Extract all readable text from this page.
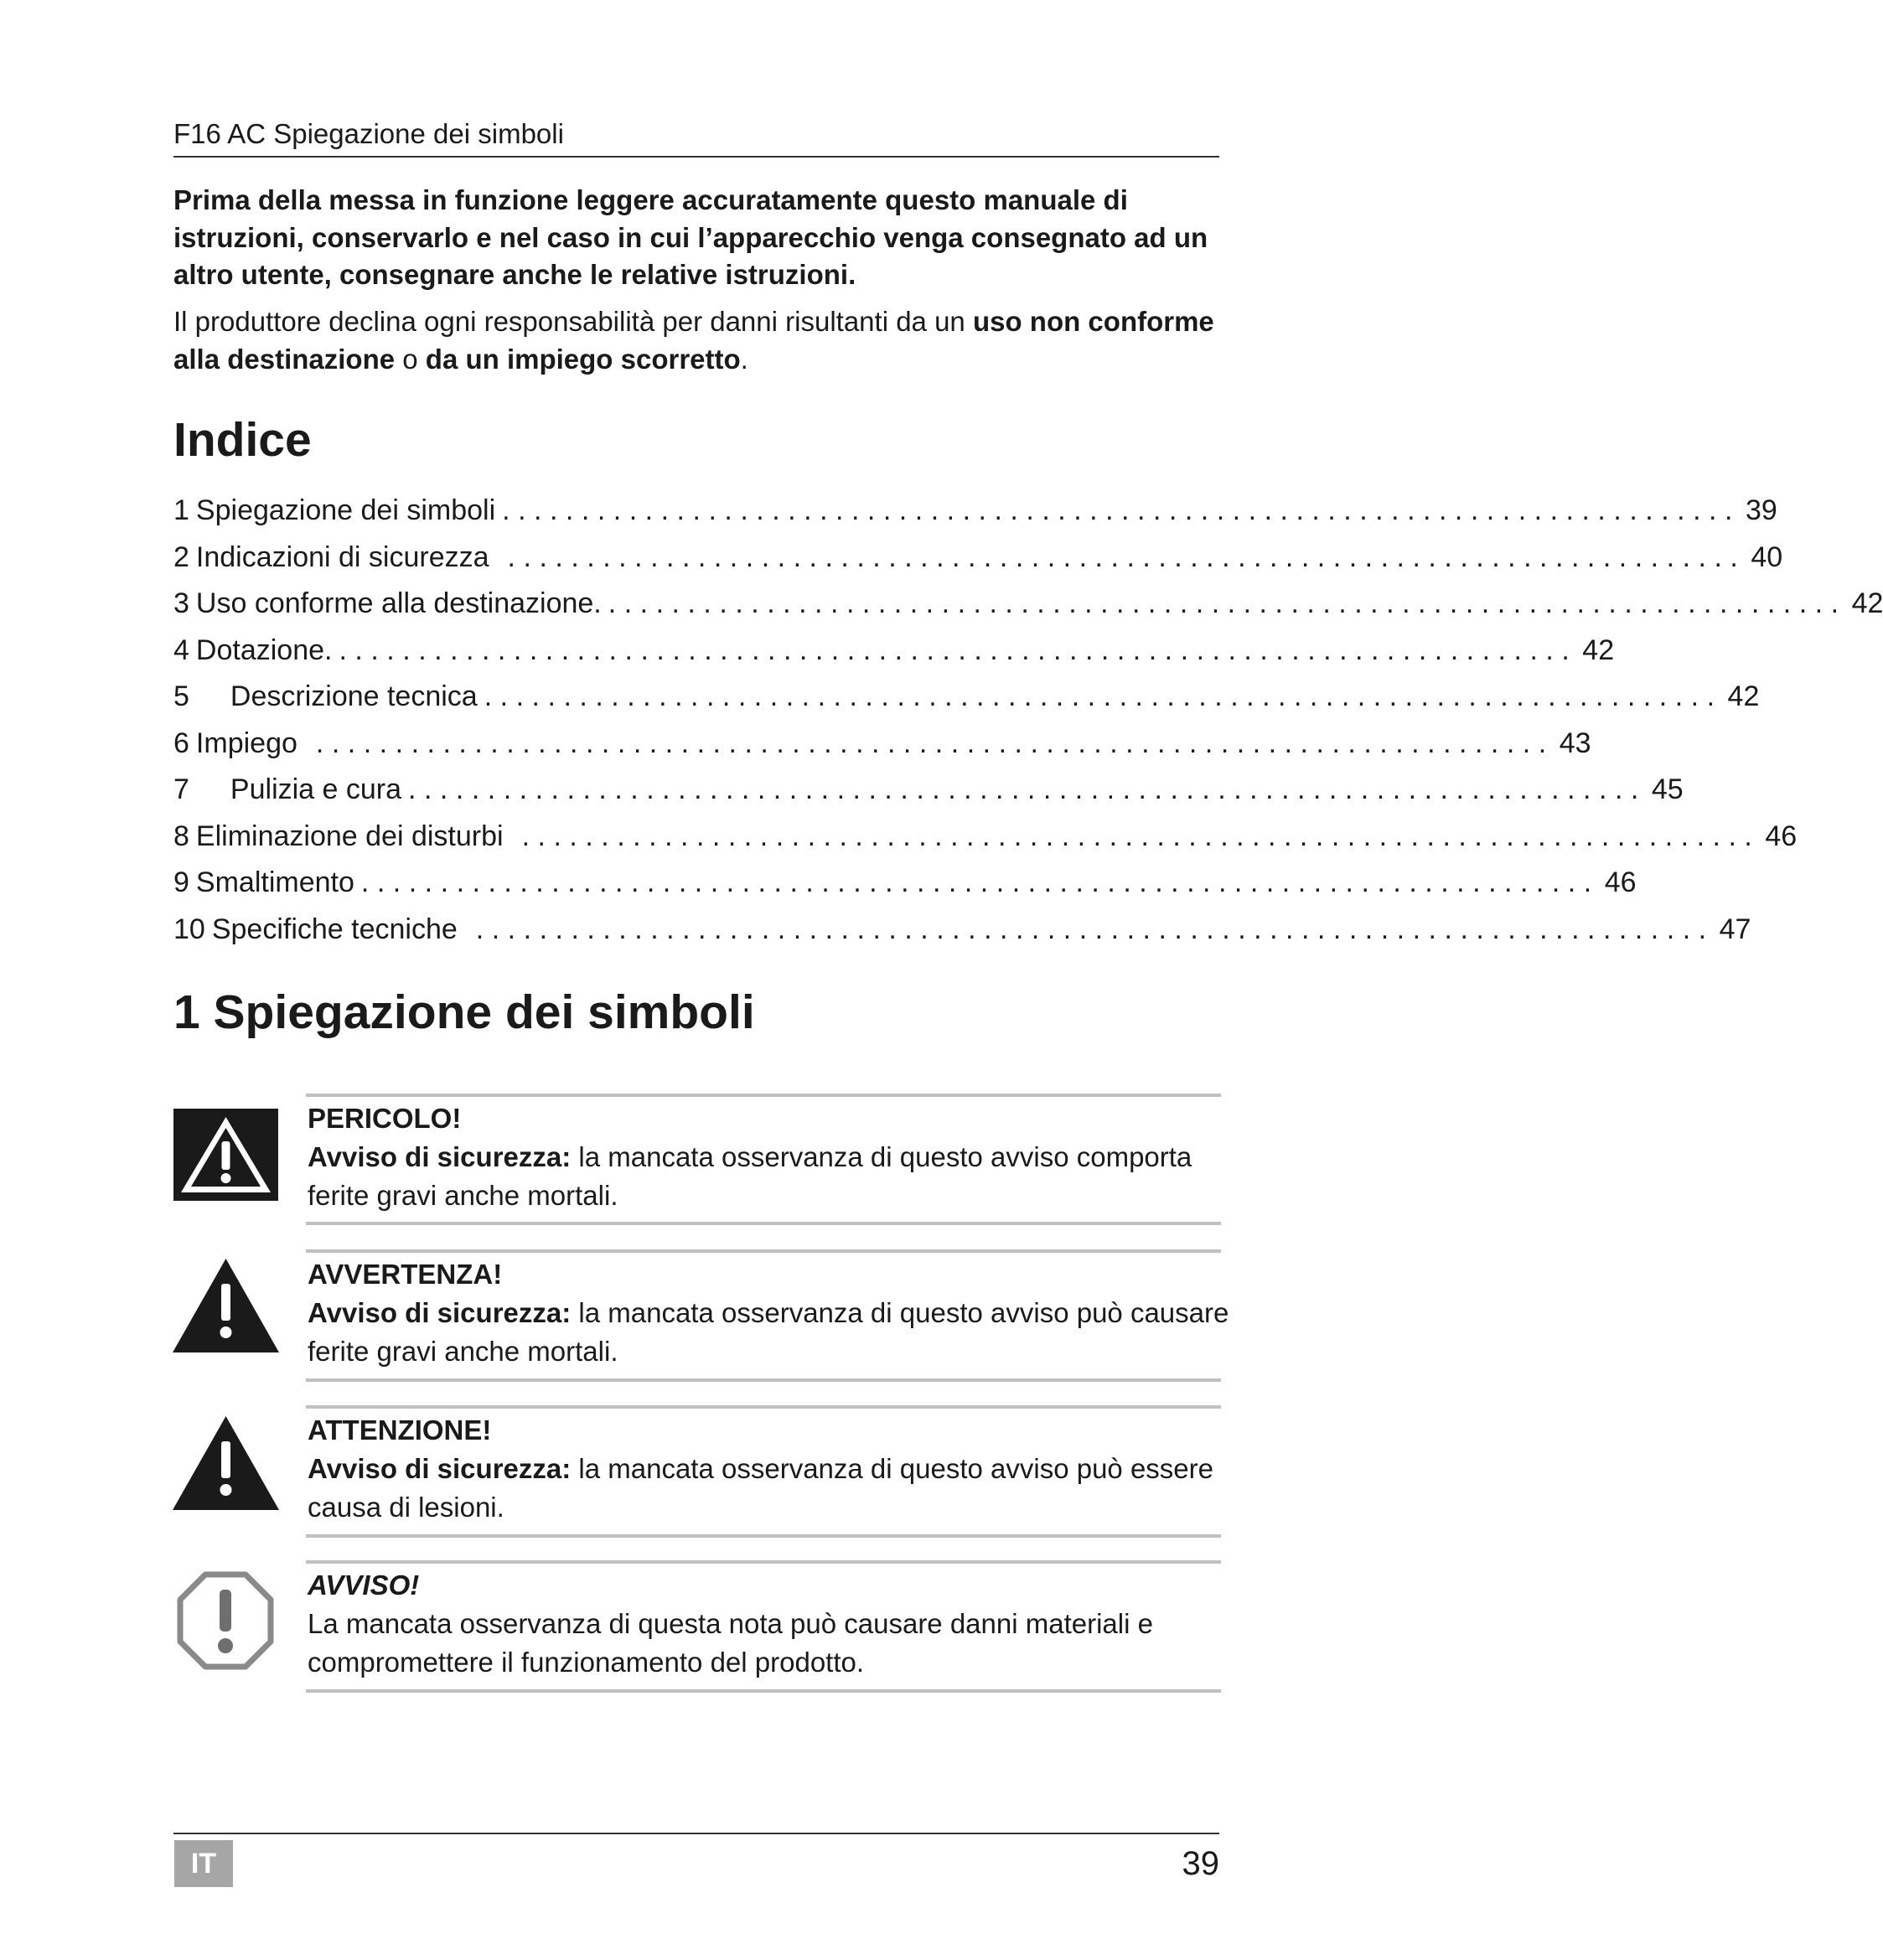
F16 AC Spiegazione dei simboli

Prima della messa in funzione leggere accuratamente questo manuale di istruzioni, conservarlo e nel caso in cui l’apparecchio venga consegnato ad un altro utente, consegnare anche le relative istruzioni.

Il produttore declina ogni responsabilità per danni risultanti da un uso non conforme alla destinazione o da un impiego scorretto.

Indice
1 Spiegazione dei simboli .............................................................................. 39
2 Indicazioni di sicurezza .............................................................................. 40
3 Uso conforme alla destinazione. .............................................................................. 42
4 Dotazione. .............................................................................. 42
5 Descrizione tecnica .............................................................................. 42
6 Impiego .............................................................................. 43
7 Pulizia e cura .............................................................................. 45
8 Eliminazione dei disturbi .............................................................................. 46
9 Smaltimento .............................................................................. 46
10 Specifiche tecniche .............................................................................. 47
1 Spiegazione dei simboli

PERICOLO!

Avviso di sicurezza: la mancata osservanza di questo avviso comporta ferite gravi anche mortali.

AVVERTENZA!

Avviso di sicurezza: la mancata osservanza di questo avviso può causare ferite gravi anche mortali.

ATTENZIONE!

Avviso di sicurezza: la mancata osservanza di questo avviso può essere causa di lesioni.

AVVISO!

La mancata osservanza di questa nota può causare danni materiali e compromettere il funzionamento del prodotto.

IT	39
